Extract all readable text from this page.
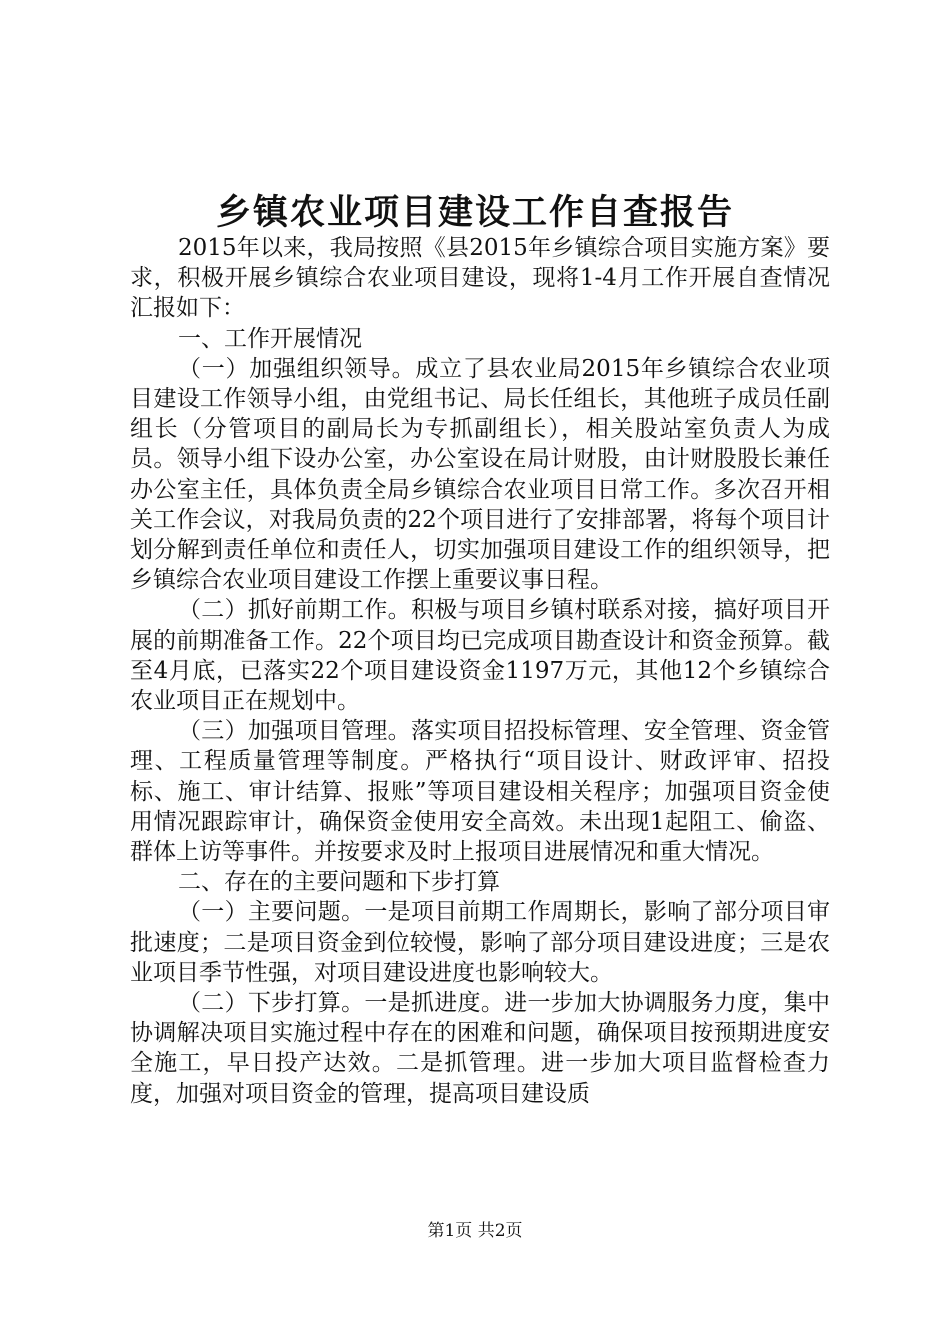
乡镇农业项目建设工作自查报告

2015年以来，我局按照《县2015年乡镇综合项目实施方案》要求，积极开展乡镇综合农业项目建设，现将1-4月工作开展自查情况汇报如下：

一、工作开展情况

（一）加强组织领导。成立了县农业局2015年乡镇综合农业项目建设工作领导小组，由党组书记、局长任组长，其他班子成员任副组长（分管项目的副局长为专抓副组长），相关股站室负责人为成员。领导小组下设办公室，办公室设在局计财股，由计财股股长兼任办公室主任，具体负责全局乡镇综合农业项目日常工作。多次召开相关工作会议，对我局负责的22个项目进行了安排部署，将每个项目计划分解到责任单位和责任人，切实加强项目建设工作的组织领导，把乡镇综合农业项目建设工作摆上重要议事日程。

（二）抓好前期工作。积极与项目乡镇村联系对接，搞好项目开展的前期准备工作。22个项目均已完成项目勘查设计和资金预算。截至4月底，已落实22个项目建设资金1197万元，其他12个乡镇综合农业项目正在规划中。

（三）加强项目管理。落实项目招投标管理、安全管理、资金管理、工程质量管理等制度。严格执行“项目设计、财政评审、招投标、施工、审计结算、报账”等项目建设相关程序；加强项目资金使用情况跟踪审计，确保资金使用安全高效。未出现1起阻工、偷盗、群体上访等事件。并按要求及时上报项目进展情况和重大情况。

二、存在的主要问题和下步打算

（一）主要问题。一是项目前期工作周期长，影响了部分项目审批速度；二是项目资金到位较慢，影响了部分项目建设进度；三是农业项目季节性强，对项目建设进度也影响较大。

（二）下步打算。一是抓进度。进一步加大协调服务力度，集中协调解决项目实施过程中存在的困难和问题，确保项目按预期进度安全施工，早日投产达效。二是抓管理。进一步加大项目监督检查力度，加强对项目资金的管理，提高项目建设质

第1页 共2页
